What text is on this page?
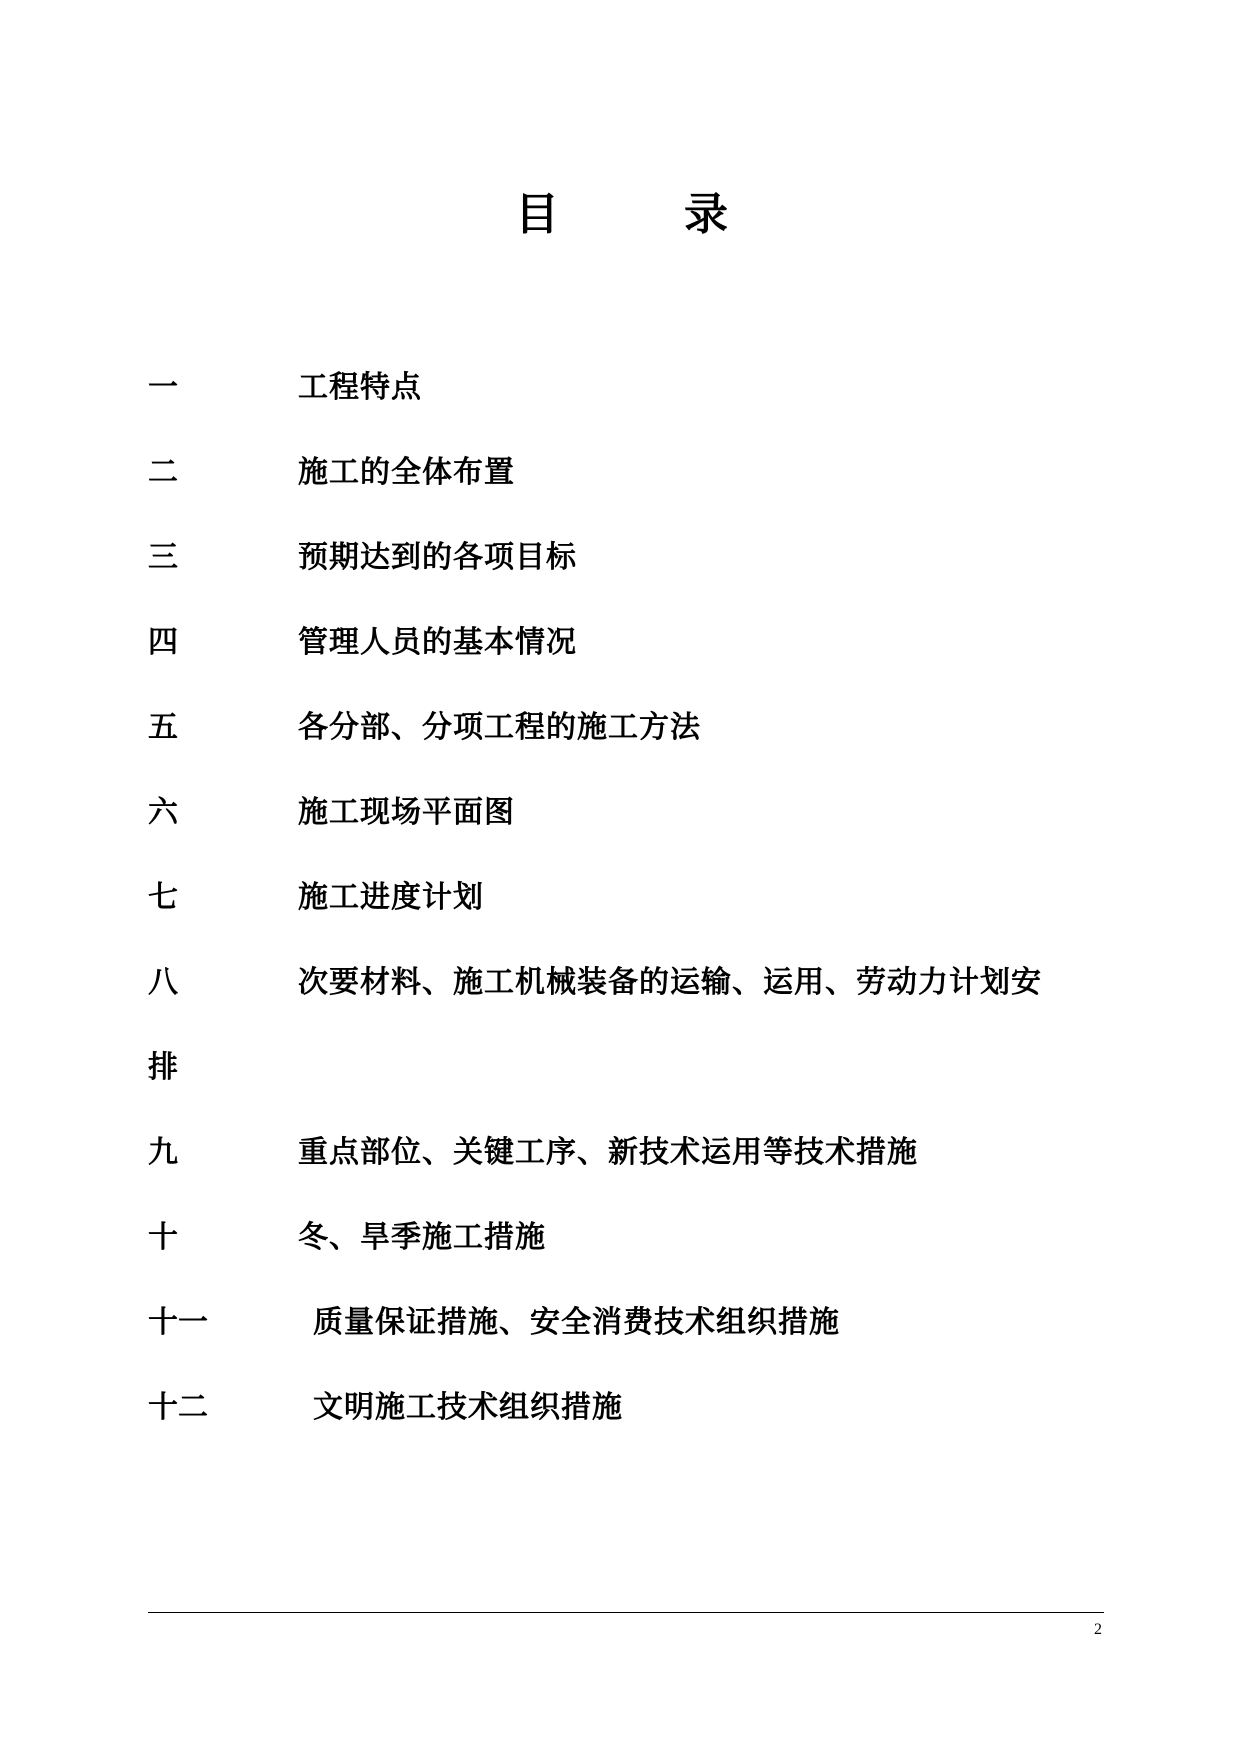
目	录
一	工程特点
二	施工的全体布置
三	预期达到的各项目标
四	管理人员的基本情况
五	各分部、分项工程的施工方法
六	施工现场平面图
七	施工进度计划
八	次要材料、施工机械装备的运输、运用、劳动力计划安
排
九	重点部位、关键工序、新技术运用等技术措施
十	冬、旱季施工措施
十一	质量保证措施、安全消费技术组织措施
十二	文明施工技术组织措施
2
